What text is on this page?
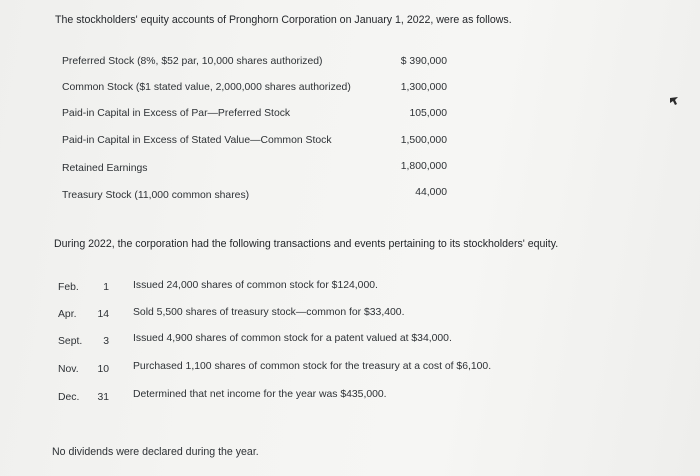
The stockholders' equity accounts of Pronghorn Corporation on January 1, 2022, were as follows.
Preferred Stock (8%, $52 par, 10,000 shares authorized)	$ 390,000
Common Stock ($1 stated value, 2,000,000 shares authorized)	1,300,000
Paid-in Capital in Excess of Par—Preferred Stock	105,000
Paid-in Capital in Excess of Stated Value—Common Stock	1,500,000
Retained Earnings	1,800,000
Treasury Stock (11,000 common shares)	44,000
During 2022, the corporation had the following transactions and events pertaining to its stockholders' equity.
Feb.	1 Issued 24,000 shares of common stock for $124,000.
Apr.	14 Sold 5,500 shares of treasury stock—common for $33,400.
Sept.	3 Issued 4,900 shares of common stock for a patent valued at $34,000.
Nov.	10 Purchased 1,100 shares of common stock for the treasury at a cost of $6,100.
Dec.	31 Determined that net income for the year was $435,000.
No dividends were declared during the year.
